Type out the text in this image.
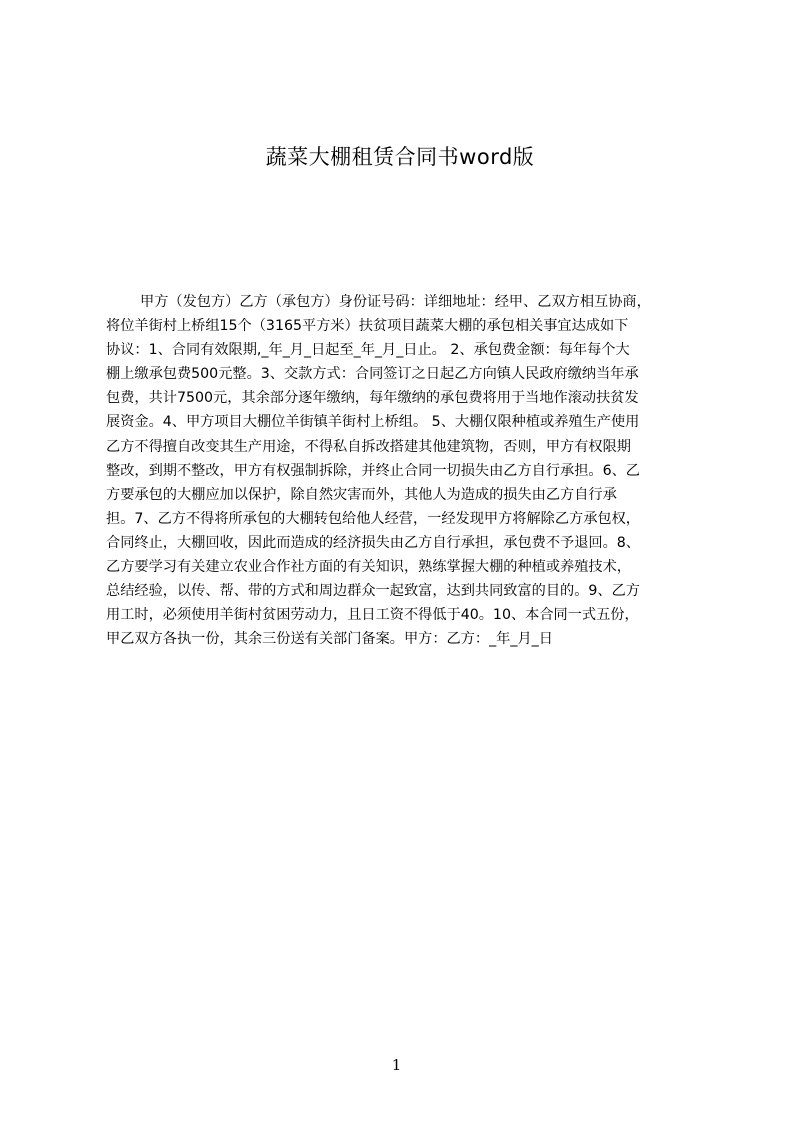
蔬菜大棚租赁合同书word版
甲方（发包方）乙方（承包方）身份证号码：详细地址：经甲、乙双方相互协商，
将位羊街村上桥组15个（3165平方米）扶贫项目蔬菜大棚的承包相关事宜达成如下
协议：1、合同有效限期,_年_月_日起至_年_月_日止。 2、承包费金额：每年每个大
棚上缴承包费500元整。3、交款方式：合同签订之日起乙方向镇人民政府缴纳当年承
包费，共计7500元，其余部分逐年缴纳，每年缴纳的承包费将用于当地作滚动扶贫发
展资金。4、甲方项目大棚位羊街镇羊街村上桥组。 5、大棚仅限种植或养殖生产使用
乙方不得擅自改变其生产用途，不得私自拆改搭建其他建筑物，否则，甲方有权限期
整改，到期不整改，甲方有权强制拆除，并终止合同一切损失由乙方自行承担。6、乙
方要承包的大棚应加以保护，除自然灾害而外，其他人为造成的损失由乙方自行承
担。7、乙方不得将所承包的大棚转包给他人经营，一经发现甲方将解除乙方承包权，
合同终止，大棚回收，因此而造成的经济损失由乙方自行承担，承包费不予退回。8、
乙方要学习有关建立农业合作社方面的有关知识，熟练掌握大棚的种植或养殖技术，
总结经验，以传、帮、带的方式和周边群众一起致富，达到共同致富的目的。9、乙方
用工时，必须使用羊街村贫困劳动力，且日工资不得低于40。10、本合同一式五份，
甲乙双方各执一份，其余三份送有关部门备案。甲方：乙方：_年_月_日
1
